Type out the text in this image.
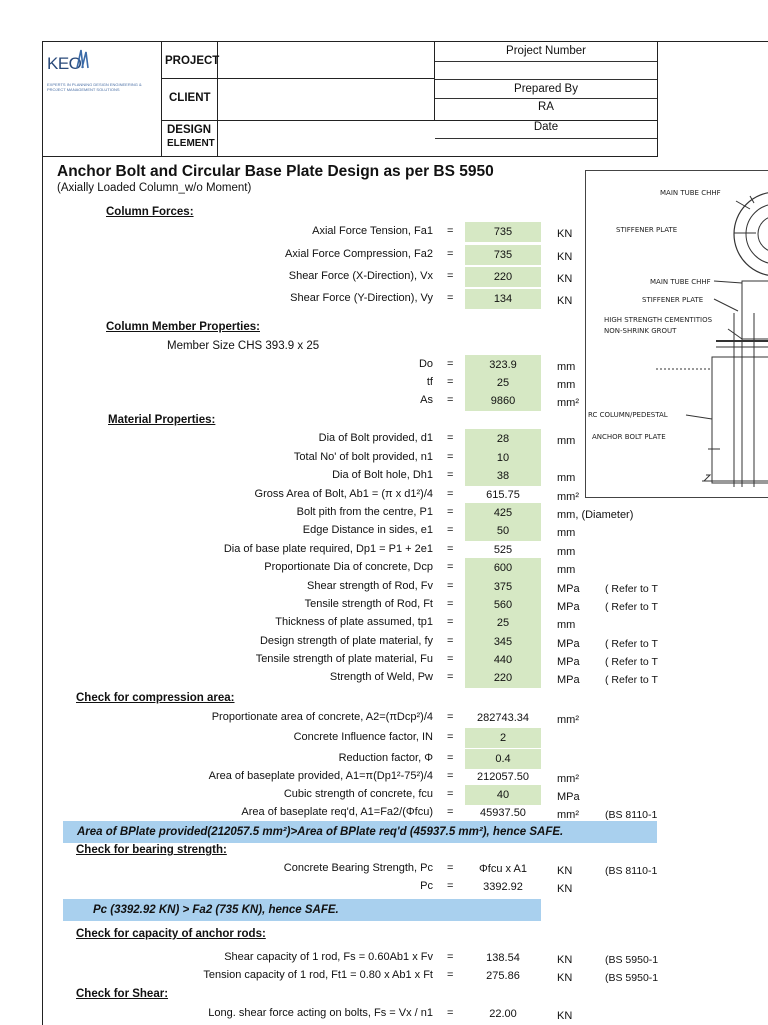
KEO
EXPERTS IN PLANNING DESIGN ENGINEERING & PROJECT MANAGEMENT SOLUTIONS
PROJECT
CLIENT
DESIGN
ELEMENT
Project Number
Prepared By
RA
Date
Anchor Bolt and Circular Base Plate Design as per BS 5950
(Axially Loaded Column_w/o Moment)	MAIN TUBE CHHF
STIFFENER PLATE
MAIN TUBE CHHF
STIFFENER PLATE
HIGH STRENGTH CEMENTITIOS
NON-SHRINK GROUT
RC COLUMN/PEDESTAL
ANCHOR BOLT PLATE
Column Forces:
Column Member Properties:
Member Size CHS 393.9 x 25
Material Properties:
Check for compression area:
Check for bearing strength:
Check for capacity of anchor rods:
Check for Shear:
Area of BPlate provided(212057.5 mm²)>Area of BPlate req'd (45937.5 mm²), hence SAFE.
Pc (3392.92 KN) > Fa2 (735 KN), hence SAFE.
Axial Force Tension, Fa1 =	735	KN
Axial Force Compression, Fa2 =	735	KN
Shear Force (X-Direction), Vx =	220	KN
Shear Force (Y-Direction), Vy =	134	KN
Do =	323.9	mm
tf =	25	mm
As =	9860	mm²
Dia of Bolt provided, d1 =	28	mm
Total No' of bolt provided, n1 =	10
Dia of Bolt hole, Dh1 =	38	mm
Gross Area of Bolt, Ab1 = (π x d1²)/4 =	615.75	mm²
Bolt pith from the centre, P1 =	425	mm, (Diameter)
Edge Distance in sides, e1 =	50	mm
Dia of base plate required, Dp1 = P1 + 2e1 =	525	mm
Proportionate Dia of concrete, Dcp =	600	mm
Shear strength of Rod, Fv =	375	MPa ( Refer to T
Tensile strength of Rod, Ft =	560	MPa ( Refer to T
Thickness of plate assumed, tp1 =	25	mm
Design strength of plate material, fy =	345	MPa ( Refer to T
Tensile strength of plate material, Fu =	440	MPa ( Refer to T
Strength of Weld, Pw =	220	MPa ( Refer to T
Proportionate area of concrete, A2=(πDcp²)/4 =	282743.34	mm²
Concrete Influence factor, IN =	2
Reduction factor, Φ =	0.4
Area of baseplate provided, A1=π(Dp1²-75²)/4 =	212057.50	mm²
Cubic strength of concrete, fcu =	40	MPa
Area of baseplate req'd, A1=Fa2/(Φfcu) =	45937.50	mm² (BS 8110-1
Concrete Bearing Strength, Pc =	Φfcu x A1	KN	(BS 8110-1
Pc =	3392.92	KN
Shear capacity of 1 rod, Fs = 0.60Ab1 x Fv =	138.54	KN	(BS 5950-1
Tension capacity of 1 rod, Ft1 = 0.80 x Ab1 x Ft =	275.86	KN	(BS 5950-1
Long. shear force acting on bolts, Fs = Vx / n1 =	22.00	KN
